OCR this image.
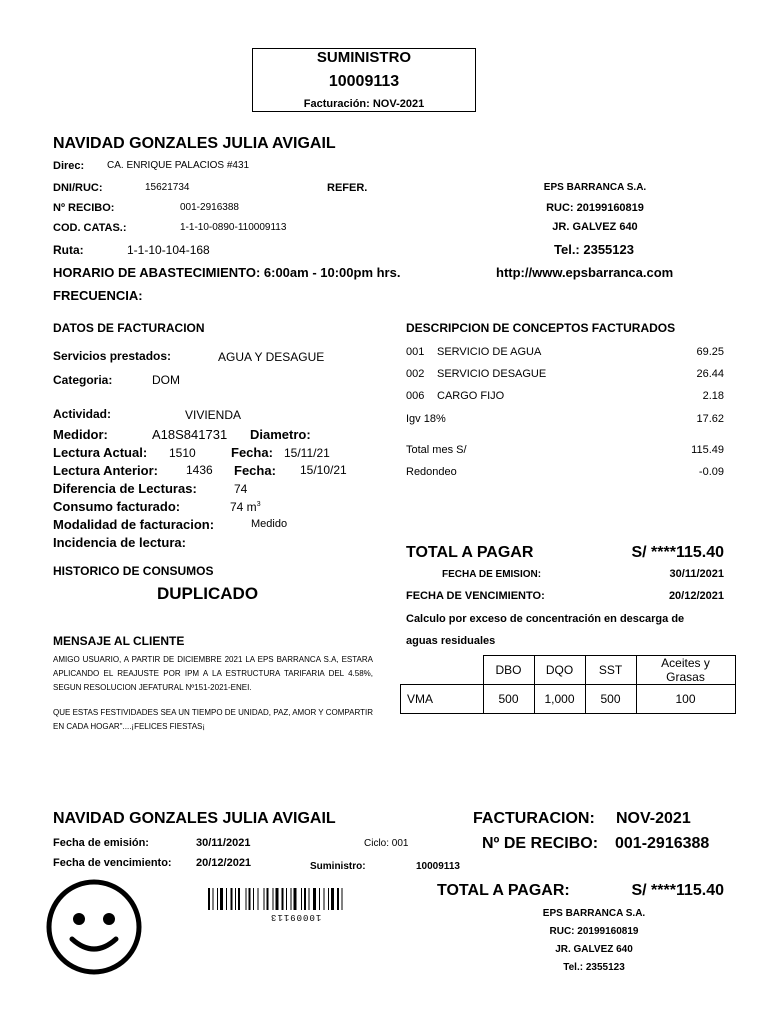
SUMINISTRO
10009113
Facturación: NOV-2021
NAVIDAD GONZALES JULIA AVIGAIL
Direc: CA. ENRIQUE PALACIOS #431
DNI/RUC:	15621734	REFER.	EPS BARRANCA S.A.
Nº RECIBO:	001-2916388	RUC: 20199160819
COD. CATAS.:	1-1-10-0890-110009113	JR. GALVEZ 640
Ruta:	1-1-10-104-168	Tel.: 2355123
HORARIO DE ABASTECIMIENTO: 6:00am - 10:00pm hrs.	http://www.epsbarranca.com
FRECUENCIA:
DATOS DE FACTURACION
Servicios prestados:	AGUA Y DESAGUE
Categoria:	DOM
Actividad:	VIVIENDA
Medidor:	A18S841731 Diametro:
Lectura Actual: 1510	Fecha: 15/11/21
Lectura Anterior: 1436 Fecha: 15/10/21
Diferencia de Lecturas:	74
Consumo facturado:	74 $m^3$
Modalidad de facturacion:	Medido
Incidencia de lectura:
HISTORICO DE CONSUMOS
DUPLICADO
DESCRIPCION DE CONCEPTOS FACTURADOS
001 SERVICIO DE AGUA	69.25
002 SERVICIO DESAGUE	26.44
006 CARGO FIJO	2.18
Igv 18%	17.62
Total mes S/	115.49
Redondeo	-0.09
TOTAL A PAGAR	S/ ****115.40
FECHA DE EMISION:	30/11/2021
FECHA DE VENCIMIENTO:	20/12/2021
Calculo por exceso de concentración en descarga de
aguas residuales
	DBO	DQO	SST	Aceites y Grasas
VMA	500	1,000	500	100
MENSAJE AL CLIENTE
AMIGO USUARIO, A PARTIR DE DICIEMBRE 2021 LA EPS BARRANCA S.A, ESTARA APLICANDO EL REAJUSTE POR IPM A LA ESTRUCTURA TARIFARIA DEL 4.58%, SEGUN RESOLUCION JEFATURAL Nº151-2021-ENEI.
QUE ESTAS FESTIVIDADES SEA UN TIEMPO DE UNIDAD, PAZ, AMOR Y COMPARTIR EN CADA HOGAR"....¡FELICES FIESTAS¡
NAVIDAD GONZALES JULIA AVIGAIL	FACTURACION: NOV-2021
Fecha de emisión:	30/11/2021	Ciclo: 001	Nº DE RECIBO: 001-2916388
Fecha de vencimiento: 20/12/2021	Suministro:	10009113
TOTAL A PAGAR:	S/ ****115.40
EPS BARRANCA S.A.
RUC: 20199160819
JR. GALVEZ 640
Tel.: 2355123
10009113
